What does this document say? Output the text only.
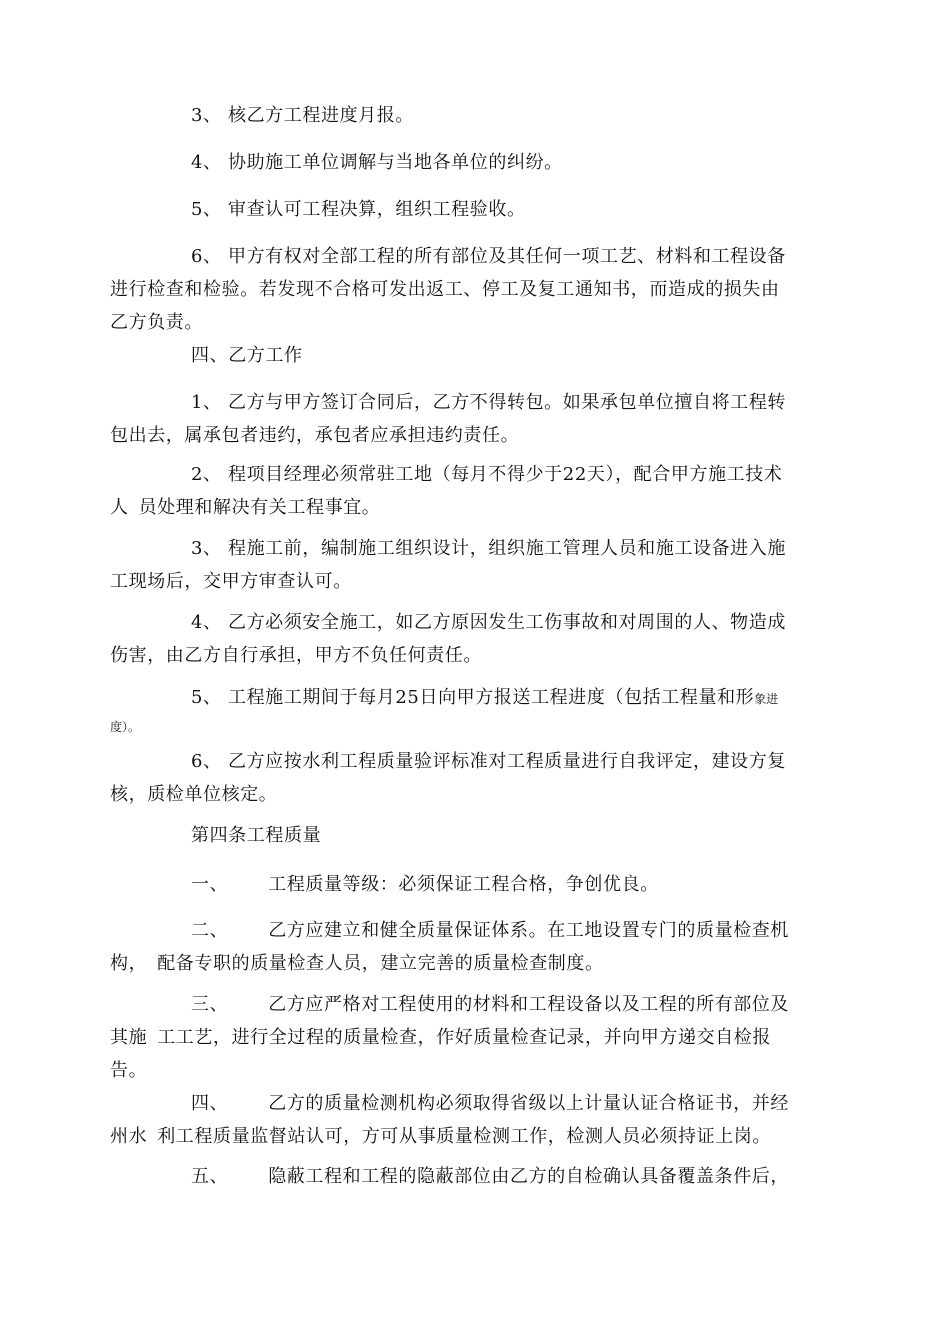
3、 核乙方工程进度月报。

4、 协助施工单位调解与当地各单位的纠纷。

5、 审查认可工程决算，组织工程验收。

6、 甲方有权对全部工程的所有部位及其任何一项工艺、材料和工程设备
进行检查和检验。若发现不合格可发出返工、停工及复工通知书，而造成的损失由
乙方负责。

四、乙方工作

1、 乙方与甲方签订合同后，乙方不得转包。如果承包单位擅自将工程转
包出去，属承包者违约，承包者应承担违约责任。

2、 程项目经理必须常驻工地（每月不得少于22天），配合甲方施工技术
人 员处理和解决有关工程事宜。

3、 程施工前，编制施工组织设计，组织施工管理人员和施工设备进入施
工现场后，交甲方审查认可。

4、 乙方必须安全施工，如乙方原因发生工伤事故和对周围的人、物造成
伤害，由乙方自行承担，甲方不负任何责任。

5、 工程施工期间于每月25日向甲方报送工程进度（包括工程量和形象进
度）。

6、 乙方应按水利工程质量验评标准对工程质量进行自我评定，建设方复
核，质检单位核定。

第四条工程质量

一、 工程质量等级：必须保证工程合格，争创优良。

二、 乙方应建立和健全质量保证体系。在工地设置专门的质量检查机
构， 配备专职的质量检查人员，建立完善的质量检查制度。

三、 乙方应严格对工程使用的材料和工程设备以及工程的所有部位及
其施 工工艺，进行全过程的质量检查，作好质量检查记录，并向甲方递交自检报
告。

四、 乙方的质量检测机构必须取得省级以上计量认证合格证书，并经
州水 利工程质量监督站认可，方可从事质量检测工作，检测人员必须持证上岗。

五、 隐蔽工程和工程的隐蔽部位由乙方的自检确认具备覆盖条件后，
